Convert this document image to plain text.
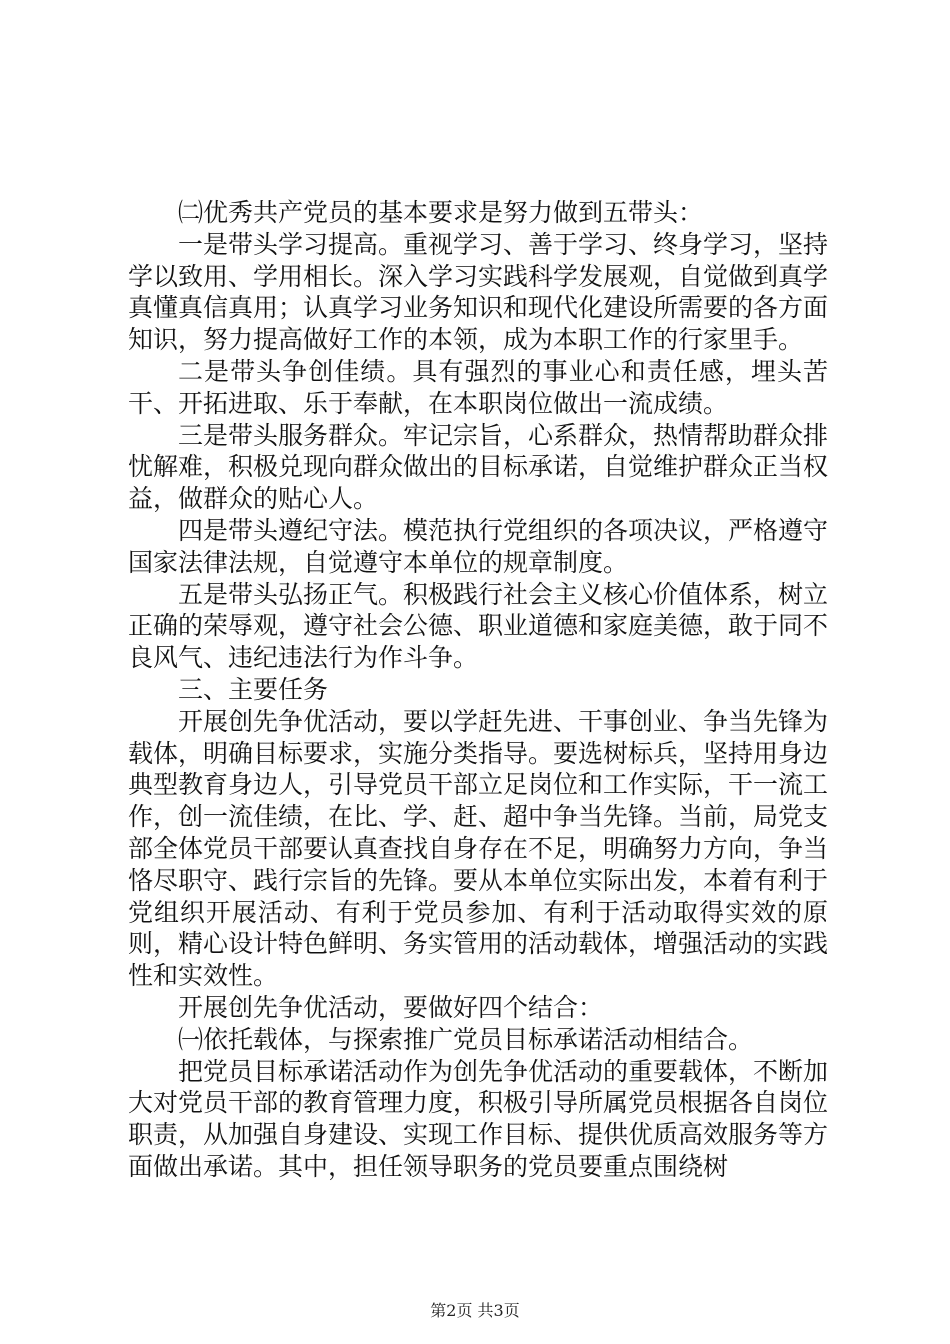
㈡优秀共产党员的基本要求是努力做到五带头：

一是带头学习提高。重视学习、善于学习、终身学习，坚持学以致用、学用相长。深入学习实践科学发展观，自觉做到真学真懂真信真用；认真学习业务知识和现代化建设所需要的各方面知识，努力提高做好工作的本领，成为本职工作的行家里手。

二是带头争创佳绩。具有强烈的事业心和责任感，埋头苦干、开拓进取、乐于奉献，在本职岗位做出一流成绩。

三是带头服务群众。牢记宗旨，心系群众，热情帮助群众排忧解难，积极兑现向群众做出的目标承诺，自觉维护群众正当权益，做群众的贴心人。

四是带头遵纪守法。模范执行党组织的各项决议，严格遵守国家法律法规，自觉遵守本单位的规章制度。

五是带头弘扬正气。积极践行社会主义核心价值体系，树立正确的荣辱观，遵守社会公德、职业道德和家庭美德，敢于同不良风气、违纪违法行为作斗争。

三、主要任务

开展创先争优活动，要以学赶先进、干事创业、争当先锋为载体，明确目标要求，实施分类指导。要选树标兵，坚持用身边典型教育身边人，引导党员干部立足岗位和工作实际，干一流工作，创一流佳绩，在比、学、赶、超中争当先锋。当前，局党支部全体党员干部要认真查找自身存在不足，明确努力方向，争当恪尽职守、践行宗旨的先锋。要从本单位实际出发，本着有利于党组织开展活动、有利于党员参加、有利于活动取得实效的原则，精心设计特色鲜明、务实管用的活动载体，增强活动的实践性和实效性。

开展创先争优活动，要做好四个结合：

㈠依托载体，与探索推广党员目标承诺活动相结合。

把党员目标承诺活动作为创先争优活动的重要载体，不断加大对党员干部的教育管理力度，积极引导所属党员根据各自岗位职责，从加强自身建设、实现工作目标、提供优质高效服务等方面做出承诺。其中，担任领导职务的党员要重点围绕树

第2页 共3页
